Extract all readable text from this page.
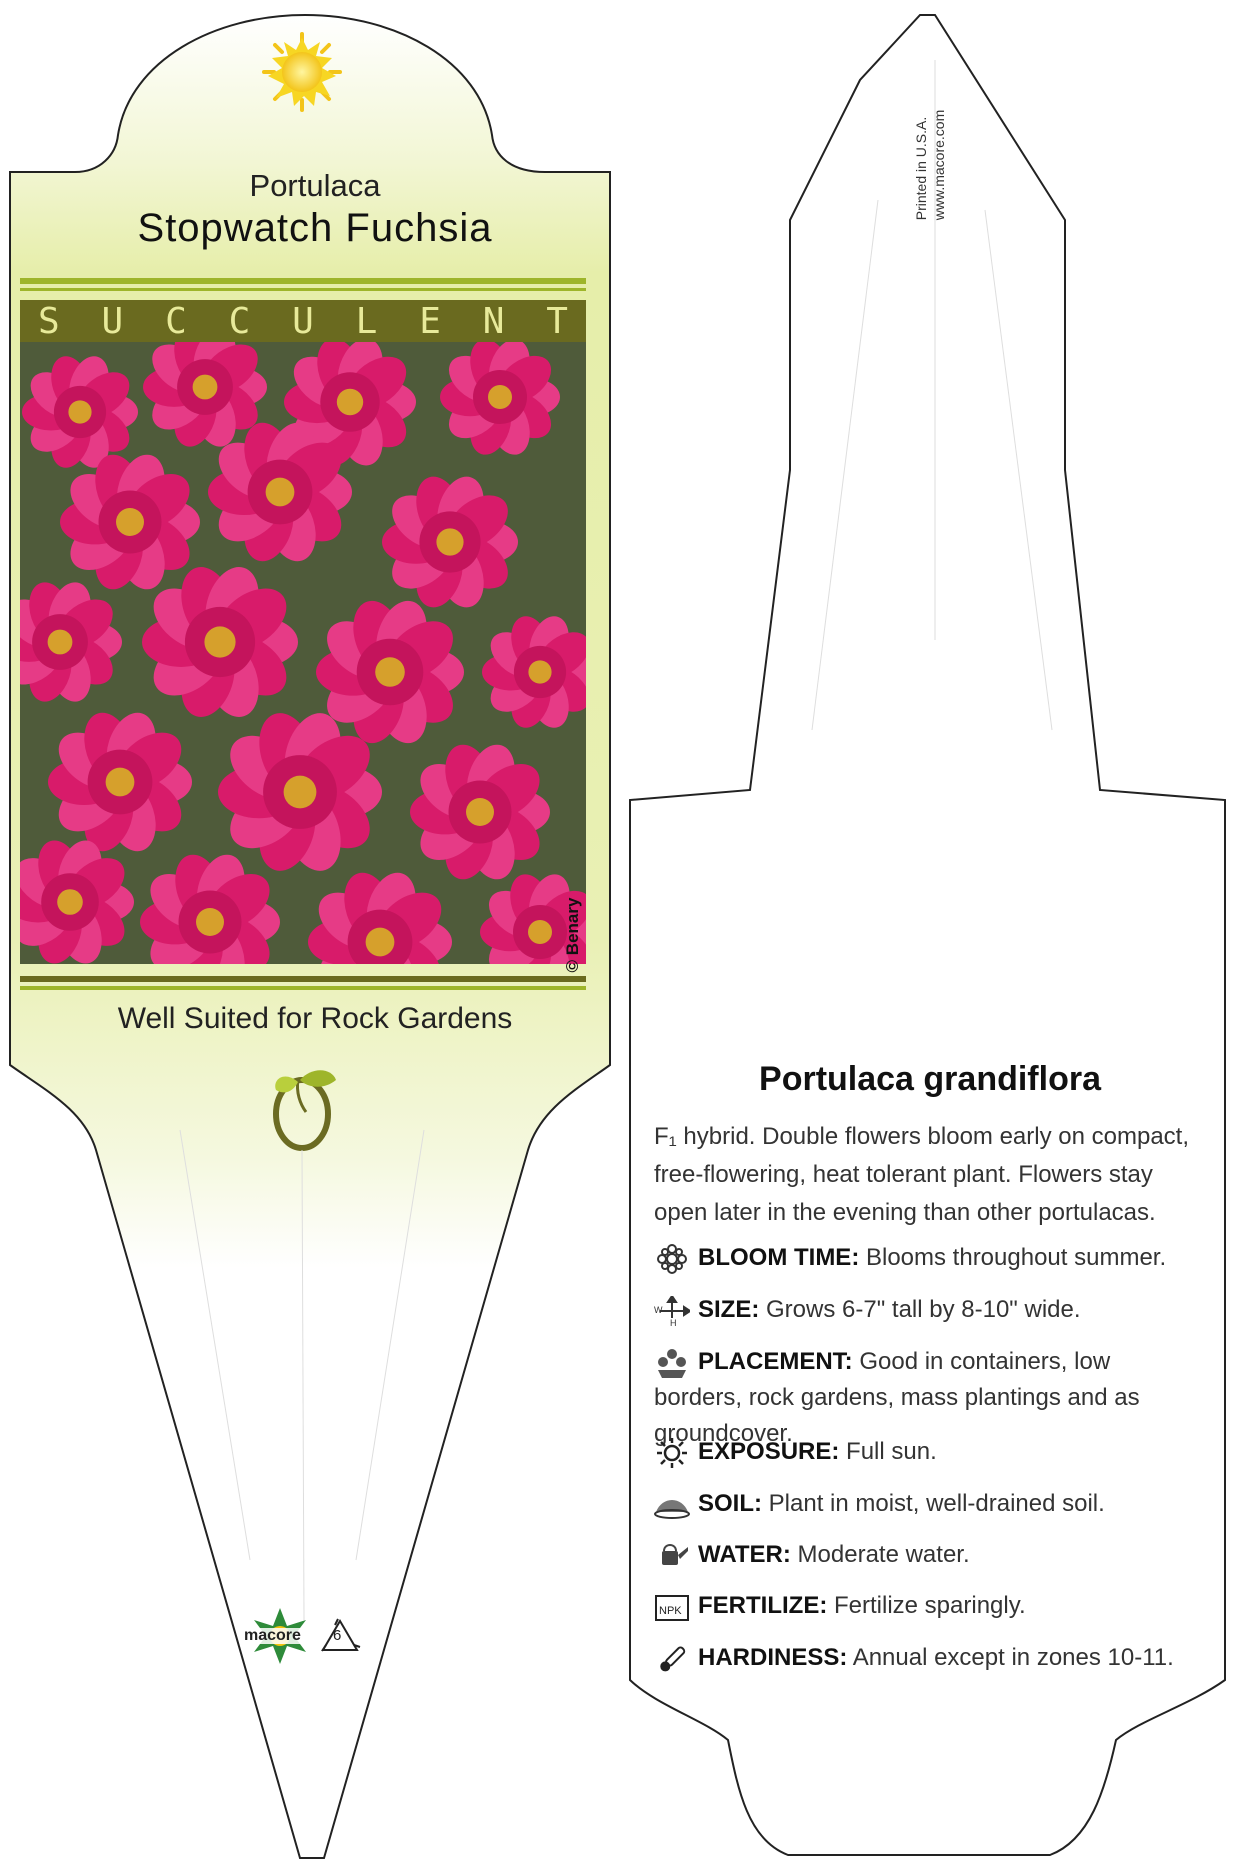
Portulaca
Stopwatch Fuchsia
S U C C U L E N T
© Benary
Well Suited for Rock Gardens
macore 6
Printed in U.S.A. www.macore.com
Portulaca grandiflora
F₁ hybrid. Double flowers bloom early on compact, free-flowering, heat tolerant plant. Flowers stay open later in the evening than other portulacas.
BLOOM TIME: Blooms throughout summer.
W
H SIZE: Grows 6-7" tall by 8-10" wide.
PLACEMENT: Good in containers, low borders, rock gardens, mass plantings and as groundcover.
EXPOSURE: Full sun.
SOIL: Plant in moist, well-drained soil.
WATER: Moderate water.
NPK FERTILIZE: Fertilize sparingly.
HARDINESS: Annual except in zones 10-11.
